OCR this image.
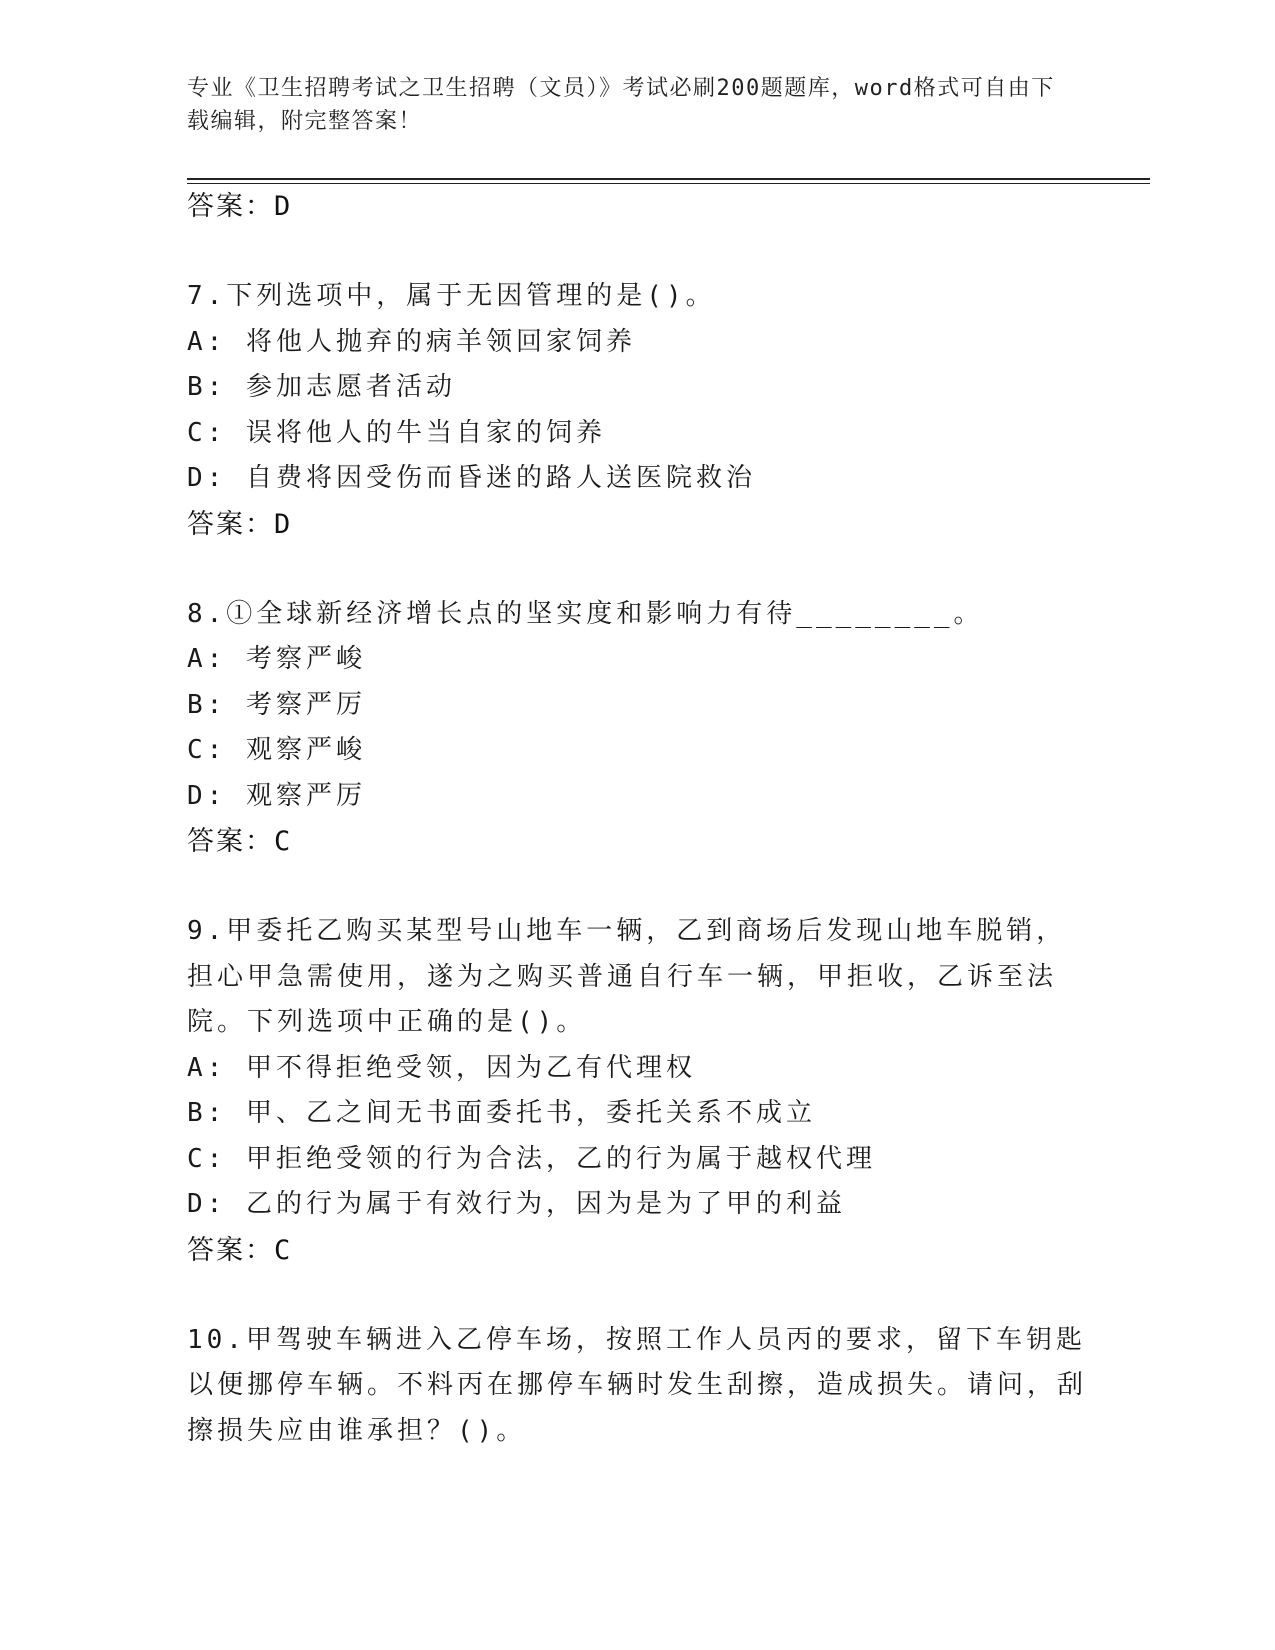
专业《卫生招聘考试之卫生招聘（文员）》考试必刷200题题库，word格式可自由下载编辑，附完整答案！
答案：D
7.下列选项中，属于无因管理的是()。
A: 将他人抛弃的病羊领回家饲养
B: 参加志愿者活动
C: 误将他人的牛当自家的饲养
D: 自费将因受伤而昏迷的路人送医院救治
答案：D
8.①全球新经济增长点的坚实度和影响力有待________。
A: 考察严峻
B: 考察严厉
C: 观察严峻
D: 观察严厉
答案：C
9.甲委托乙购买某型号山地车一辆，乙到商场后发现山地车脱销，担心甲急需使用，遂为之购买普通自行车一辆，甲拒收，乙诉至法院。下列选项中正确的是()。
A: 甲不得拒绝受领，因为乙有代理权
B: 甲、乙之间无书面委托书，委托关系不成立
C: 甲拒绝受领的行为合法，乙的行为属于越权代理
D: 乙的行为属于有效行为，因为是为了甲的利益
答案：C
10.甲驾驶车辆进入乙停车场，按照工作人员丙的要求，留下车钥匙以便挪停车辆。不料丙在挪停车辆时发生刮擦，造成损失。请问，刮擦损失应由谁承担？()。
